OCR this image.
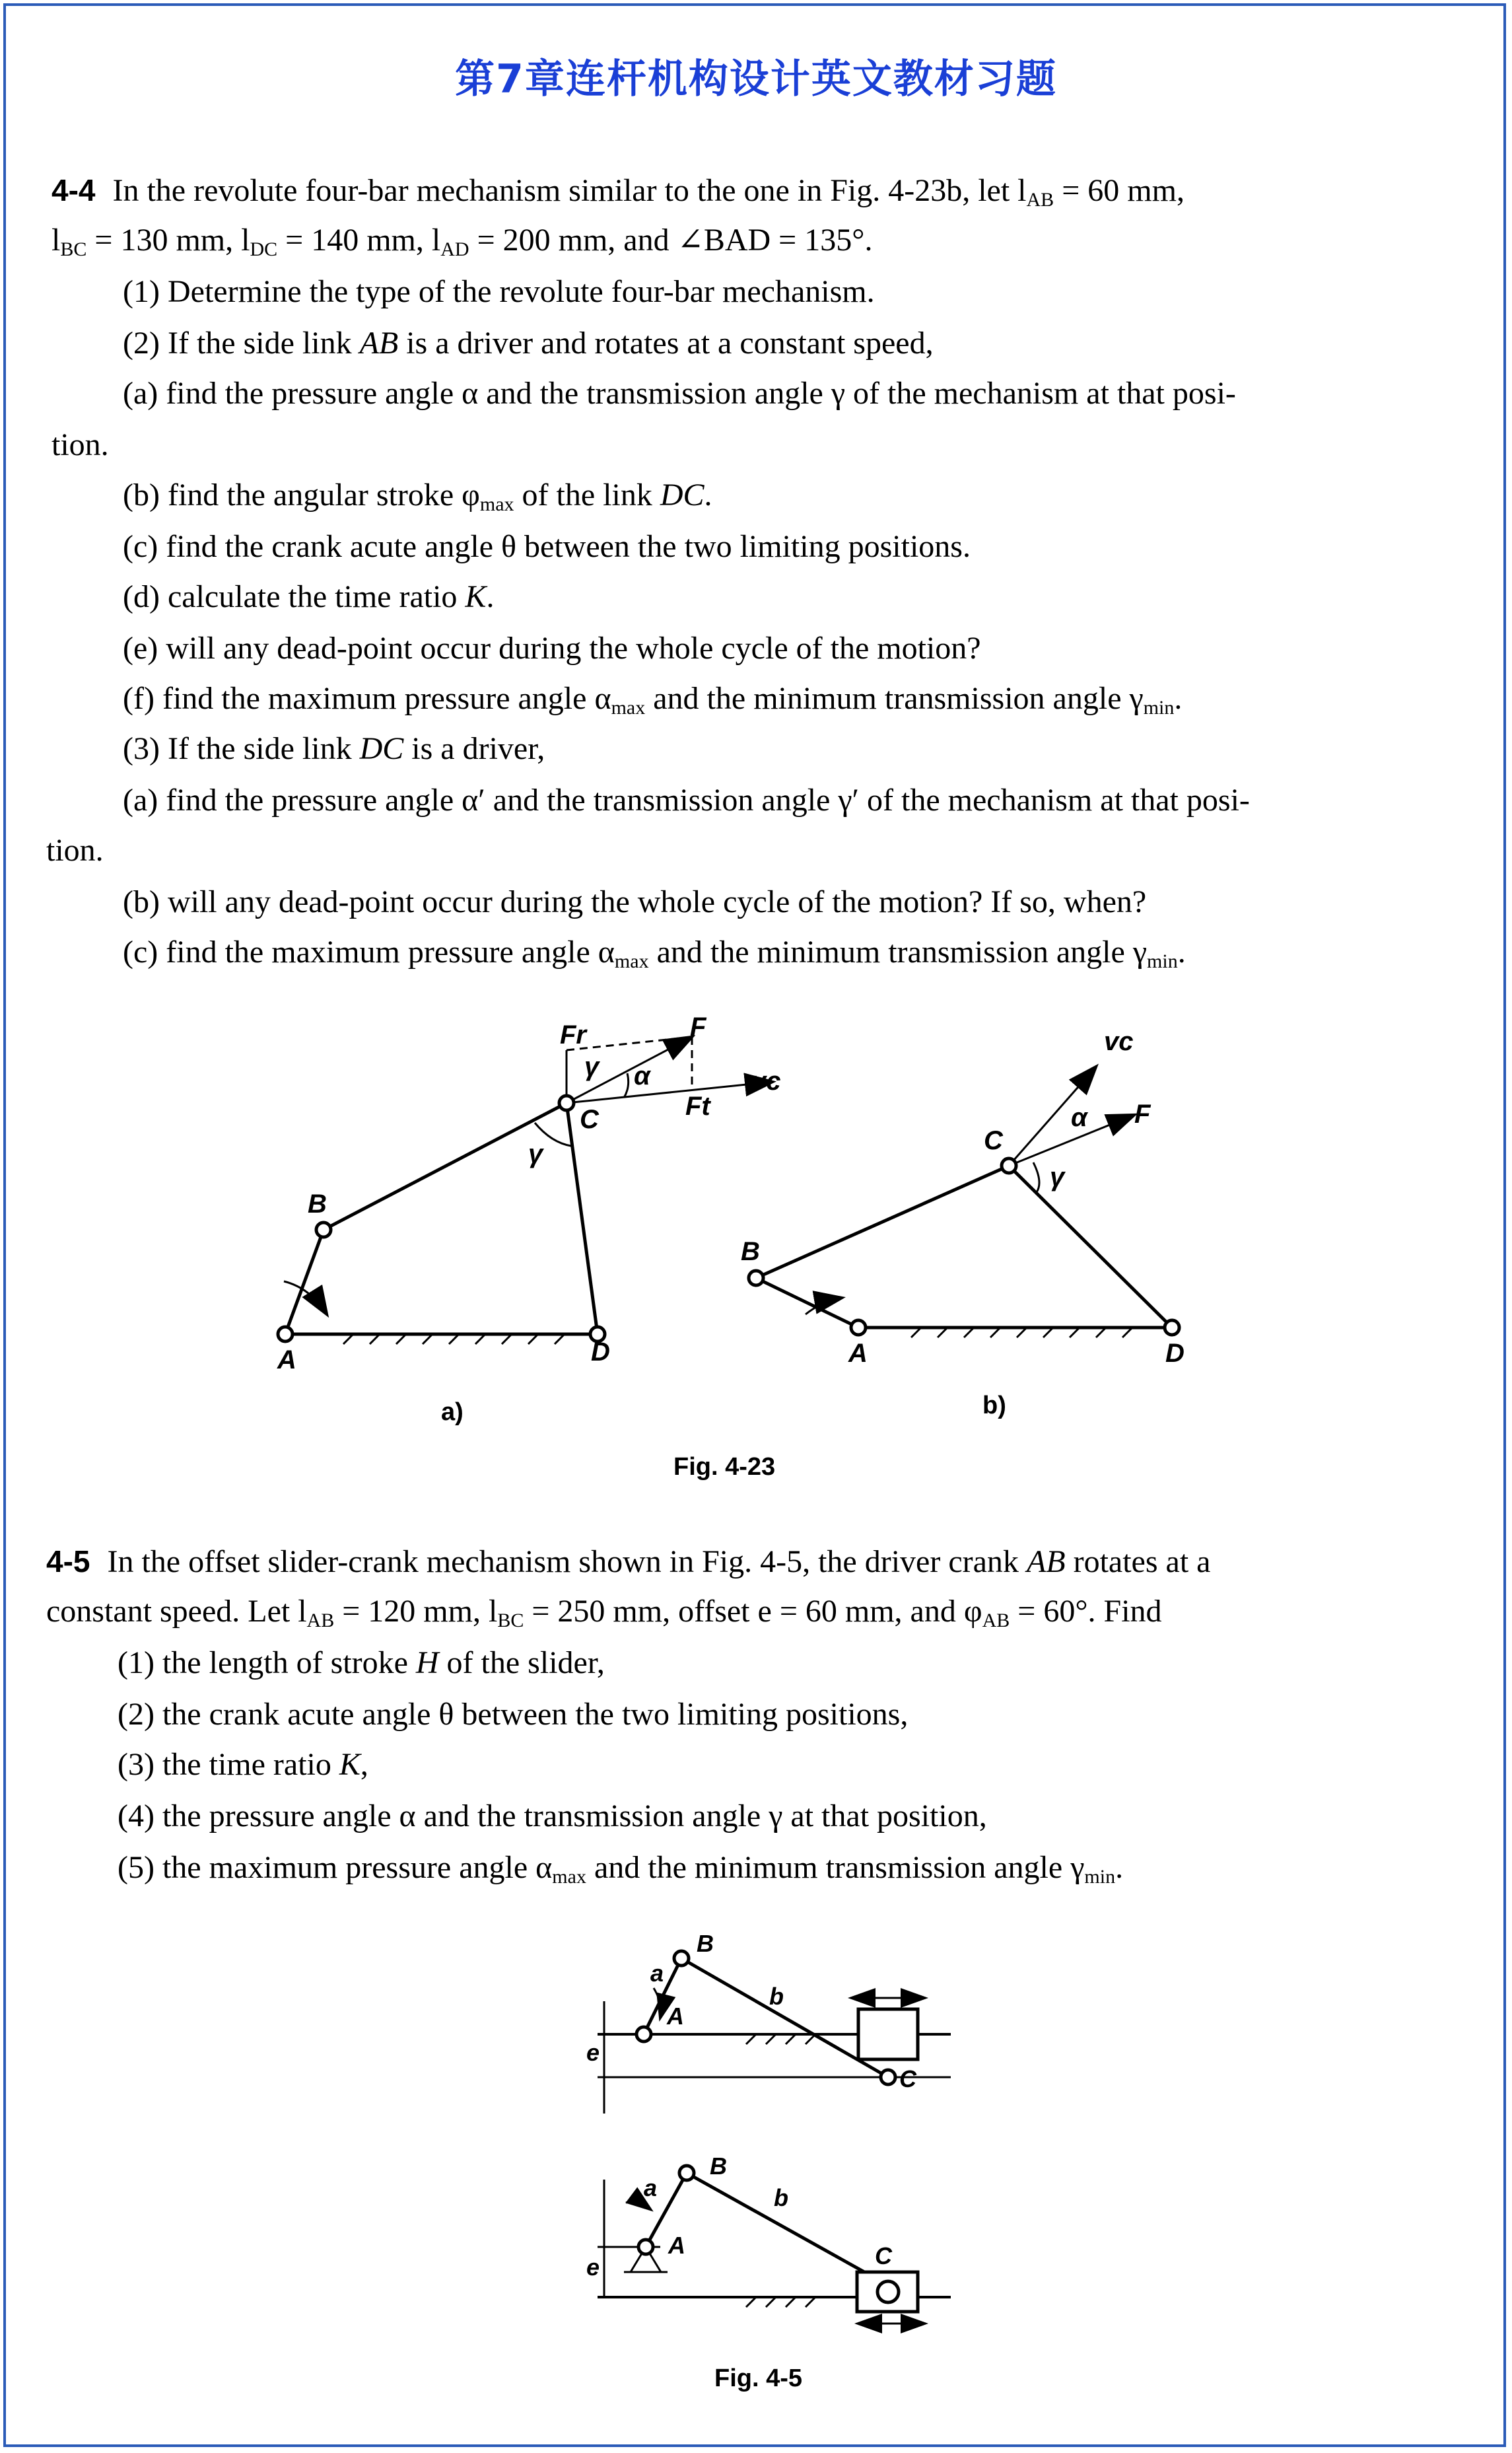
第7章连杆机构设计英文教材习题
4-4 In the revolute four-bar mechanism similar to the one in Fig. 4-23b, let $l_{AB} = 60$ mm,
$l_{BC} = 130$ mm, $l_{DC} = 140$ mm, $l_{AD} = 200$ mm, and ∠BAD = 135°.
(1) Determine the type of the revolute four-bar mechanism.
(2) If the side link AB is a driver and rotates at a constant speed,
(a) find the pressure angle α and the transmission angle γ of the mechanism at that posi-
tion.
(b) find the angular stroke $\varphi_{max}$ of the link DC.
(c) find the crank acute angle θ between the two limiting positions.
(d) calculate the time ratio K.
(e) will any dead-point occur during the whole cycle of the motion?
(f) find the maximum pressure angle $\alpha_{max}$ and the minimum transmission angle $\gamma_{min}$.
(3) If the side link DC is a driver,
(a) find the pressure angle α′ and the transmission angle γ′ of the mechanism at that posi-
tion.
(b) will any dead-point occur during the whole cycle of the motion? If so, when?
(c) find the maximum pressure angle $\alpha_{max}$ and the minimum transmission angle $\gamma_{min}$.
A
B
C
D
F
Fr
Ft
vc
α
γ
γ
a)
A
B
C
D
F
vc
α
γ
b)
Fig. 4-23
4-5 In the offset slider-crank mechanism shown in Fig. 4-5, the driver crank AB rotates at a
constant speed. Let $l_{AB} = 120$ mm, $l_{BC} = 250$ mm, offset e = 60 mm, and $\varphi_{AB} = 60^\circ$. Find
(1) the length of stroke H of the slider,
(2) the crank acute angle θ between the two limiting positions,
(3) the time ratio K,
(4) the pressure angle α and the transmission angle γ at that position,
(5) the maximum pressure angle $\alpha_{max}$ and the minimum transmission angle $\gamma_{min}$.
A
B
C
a
b
e
A
B
C
a	b
e
Fig. 4-5
